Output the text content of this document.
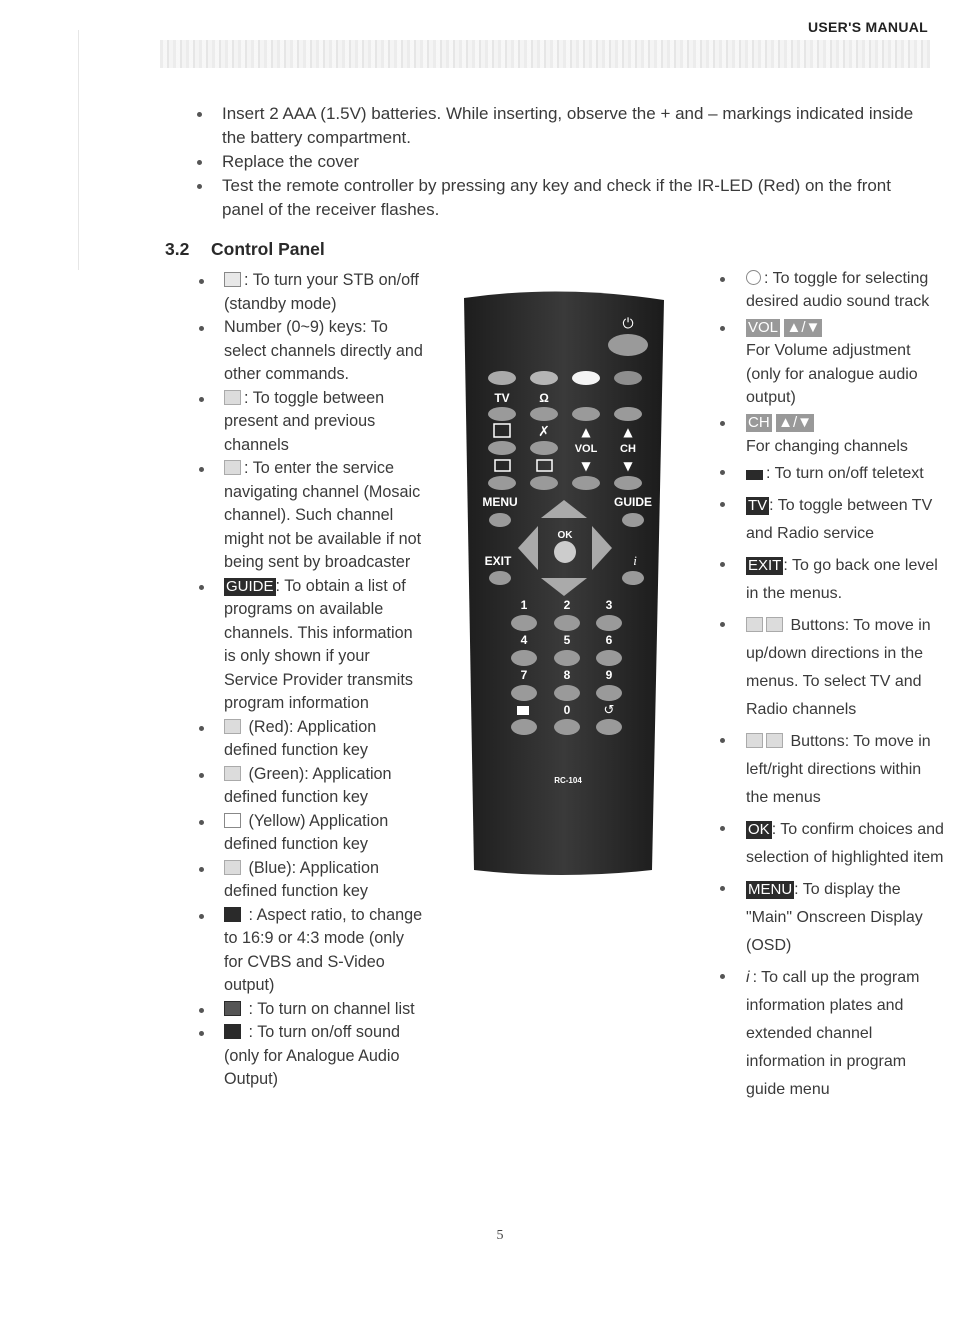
USER'S MANUAL
Insert 2 AAA (1.5V) batteries. While inserting, observe the + and – markings indicated inside the battery compartment.
Replace the cover
Test the remote controller by pressing any key and check if the IR-LED (Red) on the front panel of the receiver flashes.
3.2 Control Panel
: To turn your STB on/off (standby mode)
Number (0~9) keys: To select channels directly and other commands.
: To toggle between present and previous channels
: To enter the service navigating channel (Mosaic channel). Such channel might not be available if not being sent by broadcaster
GUIDE : To obtain a list of programs on available channels. This information is only shown if your Service Provider transmits program information
(Red): Application defined function key
(Green): Application defined function key
(Yellow) Application defined function key
(Blue): Application defined function key
: Aspect ratio, to change to 16:9 or 4:3 mode (only for CVBS and S-Video output)
: To turn on channel list
: To turn on/off sound (only for Analogue Audio Output)
: To toggle for selecting desired audio sound track
VOL ▲/▼
For Volume adjustment (only for analogue audio output)
CH ▲/▼
For changing channels
: To turn on/off teletext
TV : To toggle between TV and Radio service
EXIT : To go back one level in the menus.
Buttons: To move in up/down directions in the menus. To select TV and Radio channels
Buttons: To move in left/right directions within the menus
OK : To confirm choices and selection of highlighted item
MENU : To display the "Main" Onscreen Display (OSD)
i : To call up the program information plates and extended channel information in program guide menu
⏻
TV Ω
✗	▲	▲
VOL CH
▼	▼
MENU	GUIDE
OK
EXIT	i
1	2	3
4	5	6
7	8	9
0	↺
RC-104
5
